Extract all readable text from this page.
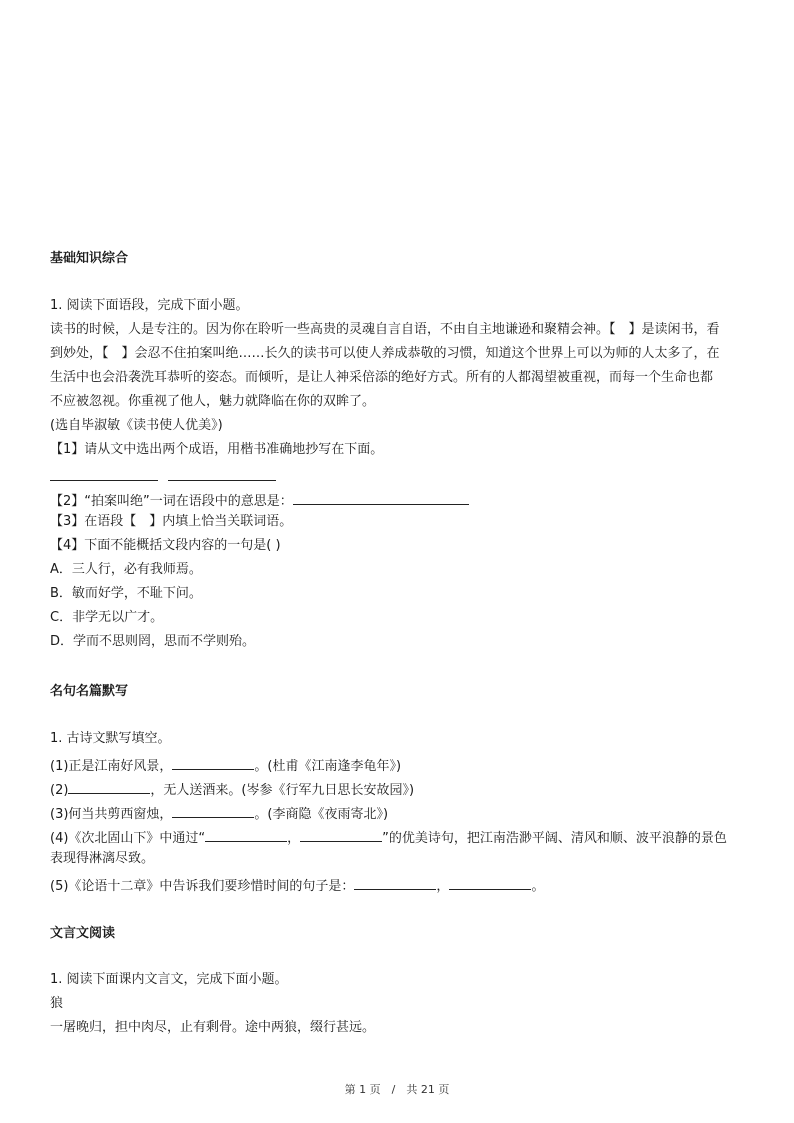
基础知识综合
1. 阅读下面语段，完成下面小题。
读书的时候，人是专注的。因为你在聆听一些高贵的灵魂自言自语，不由自主地谦逊和聚精会神。【　】是读闲书，看
到妙处，【　】会忍不住拍案叫绝……长久的读书可以使人养成恭敬的习惯，知道这个世界上可以为师的人太多了，在
生活中也会沿袭洗耳恭听的姿态。而倾听，是让人神采倍添的绝好方式。所有的人都渴望被重视，而每一个生命也都
不应被忽视。你重视了他人，魅力就降临在你的双眸了。
(选自毕淑敏《读书使人优美》)
【1】请从文中选出两个成语，用楷书准确地抄写在下面。

【2】“拍案叫绝”一词在语段中的意思是：
【3】在语段【　】内填上恰当关联词语。
【4】下面不能概括文段内容的一句是( )
A．三人行，必有我师焉。
B．敏而好学，不耻下问。
C．非学无以广才。
D．学而不思则罔，思而不学则殆。
名句名篇默写
1. 古诗文默写填空。
(1)正是江南好风景，	。(杜甫《江南逢李龟年》)
(2)	，无人送酒来。(岑参《行军九日思长安故园》)
(3)何当共剪西窗烛，	。(李商隐《夜雨寄北》)
(4)《次北固山下》中通过“	，	”的优美诗句，把江南浩渺平阔、清风和顺、波平浪静的景色
表现得淋漓尽致。
(5)《论语十二章》中告诉我们要珍惜时间的句子是：	，	。
文言文阅读
1. 阅读下面课内文言文，完成下面小题。
狼
一屠晚归，担中肉尽，止有剩骨。途中两狼，缀行甚远。
第 1 页　/　共 21 页
